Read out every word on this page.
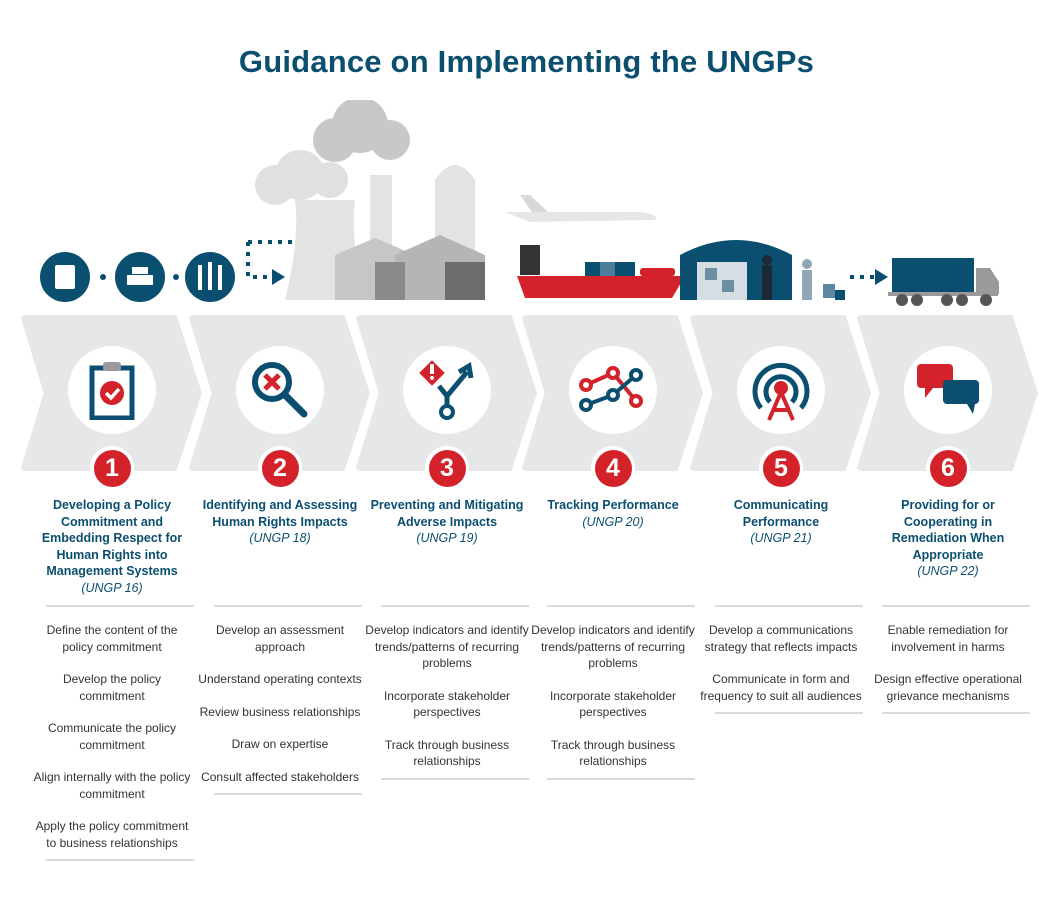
Guidance on Implementing the UNGPs
1
Developing a Policy Commitment and Embedding Respect for Human Rights into Management Systems
(UNGP 16)
Define the content of the policy commitment
Develop the policy commitment
Communicate the policy commitment
Align internally with the policy commitment
Apply the policy commitment to business relationships
2
Identifying and Assessing Human Rights Impacts
(UNGP 18)
Develop an assessment approach
Understand operating contexts
Review business relationships
Draw on expertise
Consult affected stakeholders
3
Preventing and Mitigating Adverse Impacts
(UNGP 19)
Develop indicators and identify trends/patterns of recurring problems
Incorporate stakeholder perspectives
Track through business relationships
4
Tracking Performance
(UNGP 20)
Develop indicators and identify trends/patterns of recurring problems
Incorporate stakeholder perspectives
Track through business relationships
5
Communicating Performance
(UNGP 21)
Develop a communications strategy that reflects impacts
Communicate in form and frequency to suit all audiences
6
Providing for or Cooperating in Remediation When Appropriate
(UNGP 22)
Enable remediation for involvement in harms
Design effective operational grievance mechanisms
